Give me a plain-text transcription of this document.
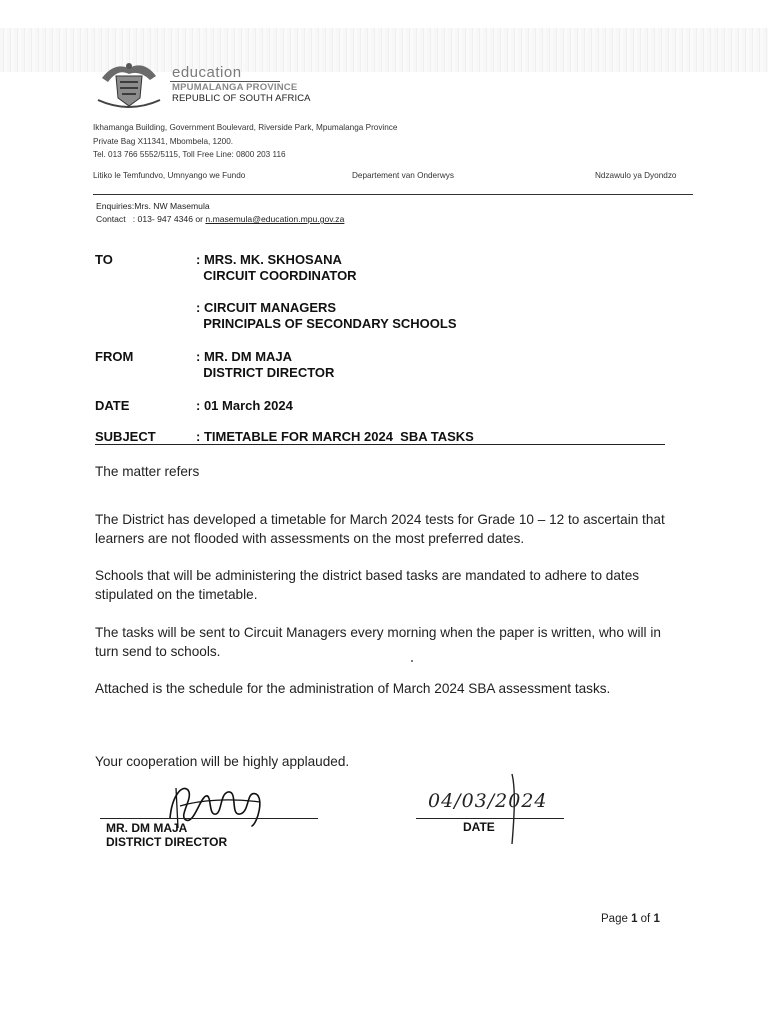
education
MPUMALANGA PROVINCE
REPUBLIC OF SOUTH AFRICA
Ikhamanga Building, Government Boulevard, Riverside Park, Mpumalanga Province
Private Bag X11341, Mbombela, 1200.
Tel. 013 766 5552/5115, Toll Free Line: 0800 203 116
Litiko le Temfundvo, Umnyango we Fundo	Departement van Onderwys	Ndzawulo ya Dyondzo
Enquiries:Mrs. NW Masemula
Contact   : 013- 947 4346 or n.masemula@education.mpu.gov.za
TO	: MRS. MK. SKHOSANA
CIRCUIT COORDINATOR
: CIRCUIT MANAGERS
PRINCIPALS OF SECONDARY SCHOOLS
FROM	: MR. DM MAJA
DISTRICT DIRECTOR
DATE	: 01 March 2024
SUBJECT	: TIMETABLE FOR MARCH 2024  SBA TASKS
The matter refers
The District has developed a timetable for March 2024 tests for Grade 10 – 12 to ascertain that learners are not flooded with assessments on the most preferred dates.
Schools that will be administering the district based tasks are mandated to adhere to dates stipulated on the timetable.
The tasks will be sent to Circuit Managers every morning when the paper is written, who will in turn send to schools.
Attached is the schedule for the administration of March 2024 SBA assessment tasks.
Your cooperation will be highly applauded.
MR. DM MAJA
DISTRICT DIRECTOR
04/03/2024
DATE
Page 1 of 1
